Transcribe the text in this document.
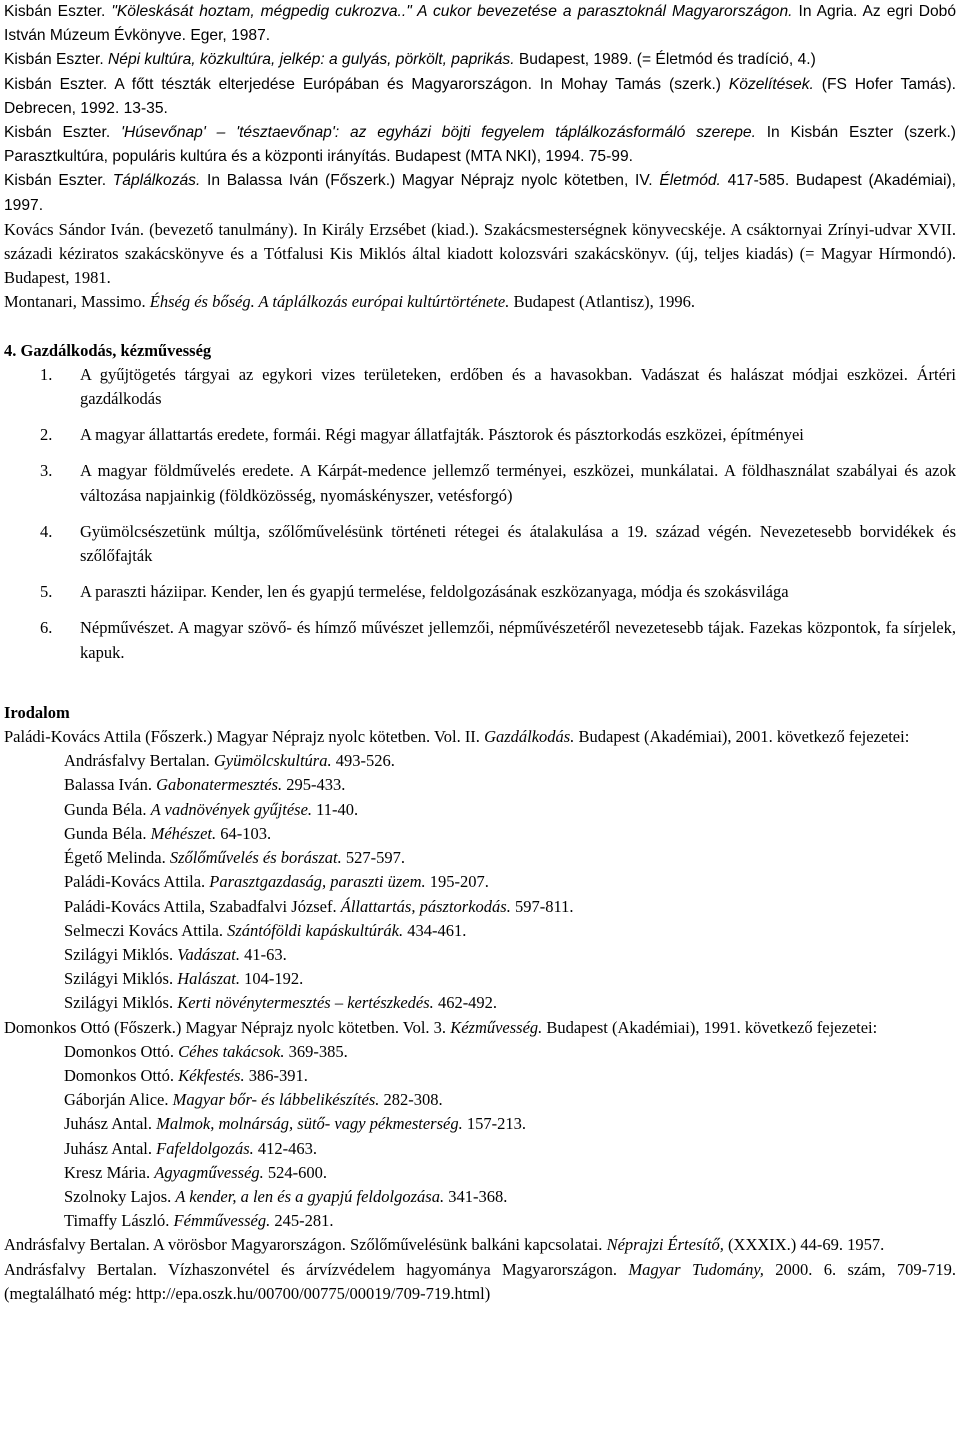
Kisbán Eszter. "Köleskását hoztam, mégpedig cukrozva.." A cukor bevezetése a parasztoknál Magyarországon. In Agria. Az egri Dobó István Múzeum Évkönyve. Eger, 1987.

Kisbán Eszter. Népi kultúra, közkultúra, jelkép: a gulyás, pörkölt, paprikás. Budapest, 1989. (= Életmód és tradíció, 4.)

Kisbán Eszter. A főtt tészták elterjedése Európában és Magyarországon. In Mohay Tamás (szerk.) Közelítések. (FS Hofer Tamás). Debrecen, 1992. 13-35.

Kisbán Eszter. 'Húsevőnap' – 'tésztaevőnap': az egyházi böjti fegyelem táplálkozásformáló szerepe. In Kisbán Eszter (szerk.) Parasztkultúra, populáris kultúra és a központi irányítás. Budapest (MTA NKI), 1994. 75-99.

Kisbán Eszter. Táplálkozás. In Balassa Iván (Főszerk.) Magyar Néprajz nyolc kötetben, IV. Életmód. 417-585. Budapest (Akadémiai), 1997.

Kovács Sándor Iván. (bevezető tanulmány). In Király Erzsébet (kiad.). Szakácsmesterségnek könyvecskéje. A csáktornyai Zrínyi-udvar XVII. századi kéziratos szakácskönyve és a Tótfalusi Kis Miklós által kiadott kolozsvári szakácskönyv. (új, teljes kiadás) (= Magyar Hírmondó). Budapest, 1981.

Montanari, Massimo. Éhség és bőség. A táplálkozás európai kultúrtörténete. Budapest (Atlantisz), 1996.

4. Gazdálkodás, kézművesség

1. A gyűjtögetés tárgyai az egykori vizes területeken, erdőben és a havasokban. Vadászat és halászat módjai eszközei. Ártéri gazdálkodás
2. A magyar állattartás eredete, formái. Régi magyar állatfajták. Pásztorok és pásztorkodás eszközei, építményei
3. A magyar földművelés eredete. A Kárpát-medence jellemző terményei, eszközei, munkálatai. A földhasználat szabályai és azok változása napjainkig (földközösség, nyomáskényszer, vetésforgó)
4. Gyümölcsészetünk múltja, szőlőművelésünk történeti rétegei és átalakulása a 19. század végén. Nevezetesebb borvidékek és szőlőfajták
5. A paraszti háziipar. Kender, len és gyapjú termelése, feldolgozásának eszközanyaga, módja és szokásvilága
6. Népművészet. A magyar szövő- és hímző művészet jellemzői, népművészetéről nevezetesebb tájak. Fazekas központok, fa sírjelek, kapuk.

Irodalom

Paládi-Kovács Attila (Főszerk.) Magyar Néprajz nyolc kötetben. Vol. II. Gazdálkodás. Budapest (Akadémiai), 2001. következő fejezetei:

Andrásfalvy Bertalan. Gyümölcskultúra. 493-526.

Balassa Iván. Gabonatermesztés. 295-433.

Gunda Béla. A vadnövények gyűjtése. 11-40.

Gunda Béla. Méhészet. 64-103.

Égető Melinda. Szőlőművelés és borászat. 527-597.

Paládi-Kovács Attila. Parasztgazdaság, paraszti üzem. 195-207.

Paládi-Kovács Attila, Szabadfalvi József. Állattartás, pásztorkodás. 597-811.

Selmeczi Kovács Attila. Szántóföldi kapáskultúrák. 434-461.

Szilágyi Miklós. Vadászat. 41-63.

Szilágyi Miklós. Halászat. 104-192.

Szilágyi Miklós. Kerti növénytermesztés – kertészkedés. 462-492.

Domonkos Ottó (Főszerk.) Magyar Néprajz nyolc kötetben. Vol. 3. Kézművesség. Budapest (Akadémiai), 1991. következő fejezetei:

Domonkos Ottó. Céhes takácsok. 369-385.

Domonkos Ottó. Kékfestés. 386-391.

Gáborján Alice. Magyar bőr- és lábbelikészítés. 282-308.

Juhász Antal. Malmok, molnárság, sütő- vagy pékmesterség. 157-213.

Juhász Antal. Fafeldolgozás. 412-463.

Kresz Mária. Agyagművesség. 524-600.

Szolnoky Lajos. A kender, a len és a gyapjú feldolgozása. 341-368.

Timaffy László. Fémművesség. 245-281.

Andrásfalvy Bertalan. A vörösbor Magyarországon. Szőlőművelésünk balkáni kapcsolatai. Néprajzi Értesítő, (XXXIX.) 44-69. 1957.

Andrásfalvy Bertalan. Vízhaszonvétel és árvízvédelem hagyománya Magyarországon. Magyar Tudomány, 2000. 6. szám, 709-719. (megtalálható még: http://epa.oszk.hu/00700/00775/00019/709-719.html)
